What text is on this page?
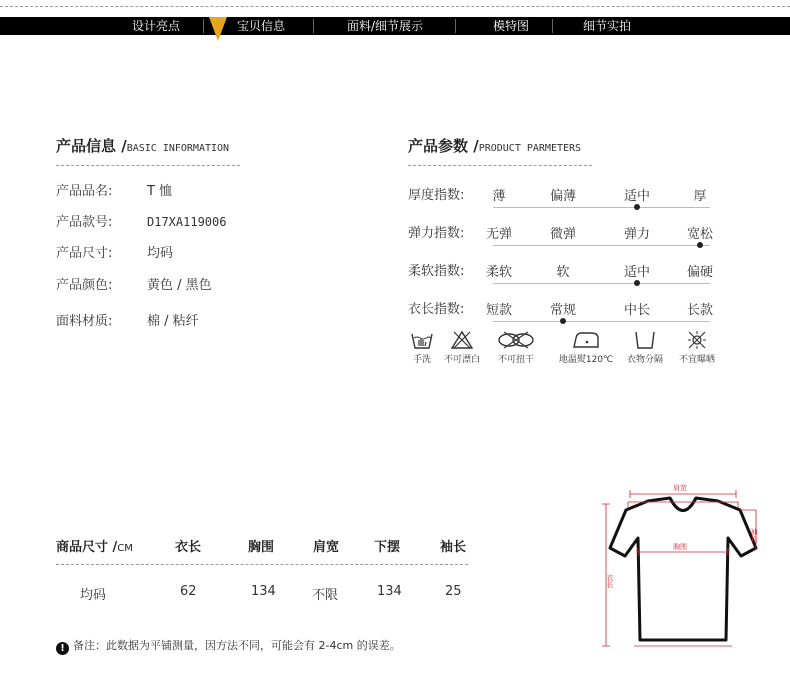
设计亮点	宝贝信息	面料/细节展示	模特图	细节实拍
产品信息 /BASIC INFORMATION
产品品名:	T 恤
产品款号:	D17XA119006
产品尺寸:	均码
产品颜色:	黄色 / 黑色
面料材质:	棉 / 粘纤
产品参数 /PRODUCT PARMETERS
厚度指数:	薄	偏薄	适中	厚
弹力指数:	无弹	微弹	弹力	宽松
柔软指数:	柔软	软	适中	偏硬
衣长指数:	短款	常规	中长	长款
手洗	不可漂白	不可扭干	地温熨120℃	衣物分隔	不宜曝晒
商品尺寸 /CM	衣长	胸围	肩宽	下摆	袖长
均码	62	134	不限	134	25
! 备注：此数据为平铺测量，因方法不同，可能会有 2-4cm 的误差。
肩宽
胸围
袖长
衣长
